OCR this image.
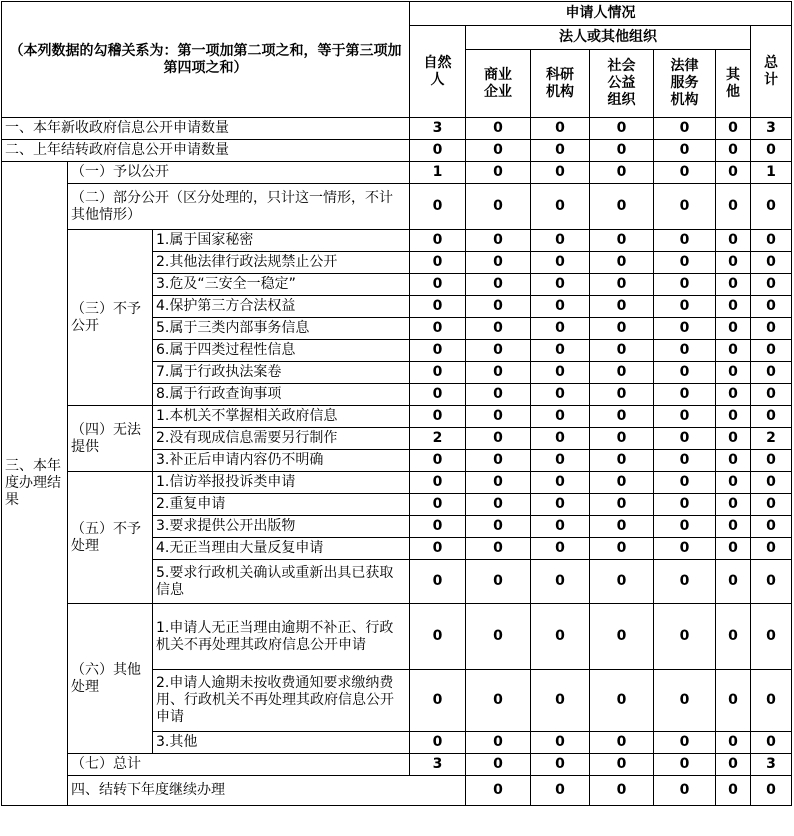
（本列数据的勾稽关系为：第一项加第二项之和，等于第三项加第四项之和）			申请人情况							
			自然人	法人或其他组织					总计	
				商业企业	科研机构	社会公益组织	法律服务机构	其他		
一、本年新收政府信息公开申请数量			3	0	0	0	0	0	3	
二、上年结转政府信息公开申请数量			0	0	0	0	0	0	0	
三、本年度办理结果	（一）予以公开		1	0	0	0	0	0	1	
	（二）部分公开（区分处理的，只计这一情形，不计其他情形）		0	0	0	0	0	0	0	
	（三）不予公开	1.属于国家秘密	0	0	0	0	0	0	0	
		2.其他法律行政法规禁止公开	0	0	0	0	0	0	0	
		3.危及“三安全一稳定”	0	0	0	0	0	0	0	
		4.保护第三方合法权益	0	0	0	0	0	0	0	
		5.属于三类内部事务信息	0	0	0	0	0	0	0	
		6.属于四类过程性信息	0	0	0	0	0	0	0	
		7.属于行政执法案卷	0	0	0	0	0	0	0	
		8.属于行政查询事项	0	0	0	0	0	0	0	
	（四）无法提供	1.本机关不掌握相关政府信息	0	0	0	0	0	0	0	
		2.没有现成信息需要另行制作	2	0	0	0	0	0	2	
		3.补正后申请内容仍不明确	0	0	0	0	0	0	0	
	（五）不予处理	1.信访举报投诉类申请	0	0	0	0	0	0	0	
		2.重复申请	0	0	0	0	0	0	0	
		3.要求提供公开出版物	0	0	0	0	0	0	0	
		4.无正当理由大量反复申请	0	0	0	0	0	0	0	
		5.要求行政机关确认或重新出具已获取信息	0	0	0	0	0	0	0	
	（六）其他处理	1.申请人无正当理由逾期不补正、行政机关不再处理其政府信息公开申请	0	0	0	0	0	0	0	
		2.申请人逾期未按收费通知要求缴纳费用、行政机关不再处理其政府信息公开申请	0	0	0	0	0	0	0	
		3.其他	0	0	0	0	0	0	0	
	（七）总计		3	0	0	0	0	0	3	
	四、结转下年度继续办理			0	0	0	0	0	0	
